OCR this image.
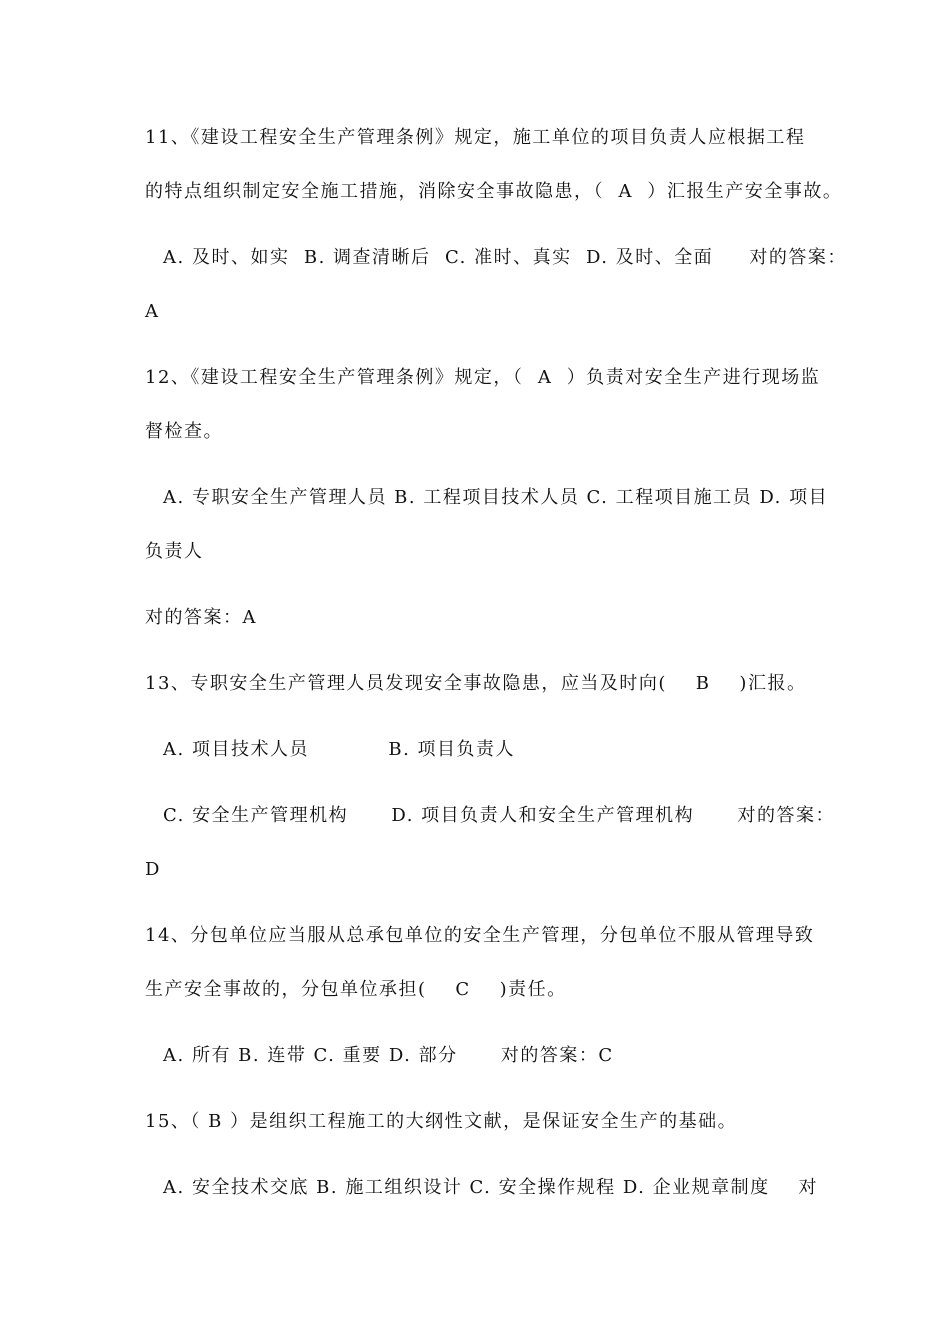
11、《建设工程安全生产管理条例》规定，施工单位的项目负责人应根据工程
的特点组织制定安全施工措施，消除安全事故隐患，（  A  ）汇报生产安全事故。
A. 及时、如实  B. 调查清晰后  C. 准时、真实  D. 及时、全面     对的答案：
A
12、《建设工程安全生产管理条例》规定，（  A  ）负责对安全生产进行现场监
督检查。
A. 专职安全生产管理人员 B. 工程项目技术人员 C. 工程项目施工员 D. 项目
负责人
对的答案：A
13、专职安全生产管理人员发现安全事故隐患，应当及时向(    B    )汇报。
A. 项目技术人员           B. 项目负责人
C. 安全生产管理机构      D. 项目负责人和安全生产管理机构      对的答案：
D
14、分包单位应当服从总承包单位的安全生产管理，分包单位不服从管理导致
生产安全事故的，分包单位承担(    C    )责任。
A. 所有 B. 连带 C. 重要 D. 部分      对的答案：C
15、（ B ）是组织工程施工的大纲性文献，是保证安全生产的基础。
A. 安全技术交底 B. 施工组织设计 C. 安全操作规程 D. 企业规章制度    对
